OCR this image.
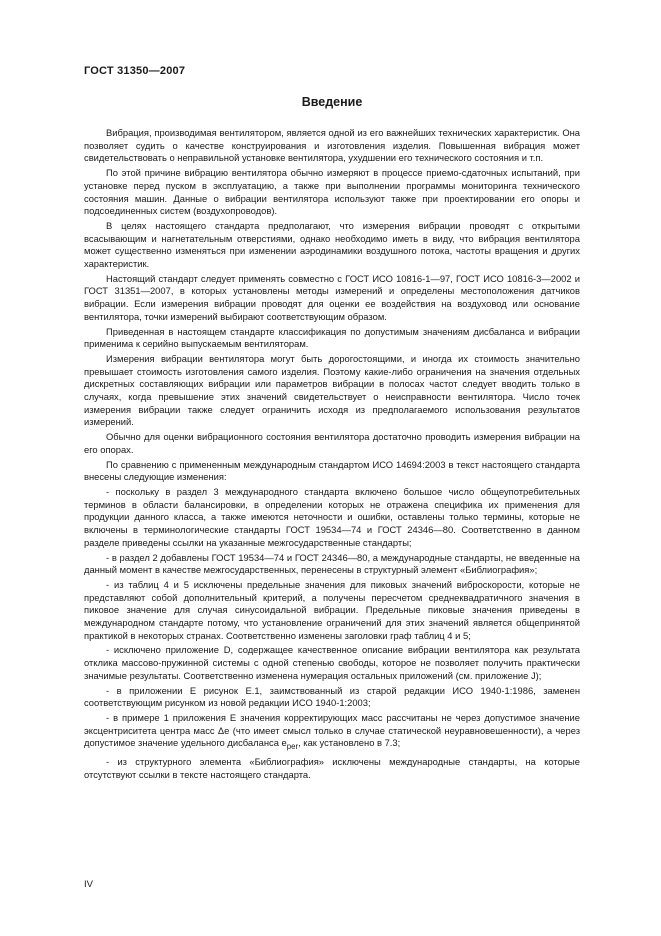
ГОСТ 31350—2007
Введение

Вибрация, производимая вентилятором, является одной из его важнейших технических характеристик. Она позволяет судить о качестве конструирования и изготовления изделия. Повышенная вибрация может свидетельствовать о неправильной установке вентилятора, ухудшении его технического состояния и т.п.

По этой причине вибрацию вентилятора обычно измеряют в процессе приемо-сдаточных испытаний, при установке перед пуском в эксплуатацию, а также при выполнении программы мониторинга технического состояния машин. Данные о вибрации вентилятора используют также при проектировании его опоры и подсоединенных систем (воздухопроводов).

В целях настоящего стандарта предполагают, что измерения вибрации проводят с открытыми всасывающим и нагнетательным отверстиями, однако необходимо иметь в виду, что вибрация вентилятора может существенно изменяться при изменении аэродинамики воздушного потока, частоты вращения и других характеристик.

Настоящий стандарт следует применять совместно с ГОСТ ИСО 10816-1—97, ГОСТ ИСО 10816-3—2002 и ГОСТ 31351—2007, в которых установлены методы измерений и определены местоположения датчиков вибрации. Если измерения вибрации проводят для оценки ее воздействия на воздуховод или основание вентилятора, точки измерений выбирают соответствующим образом.

Приведенная в настоящем стандарте классификация по допустимым значениям дисбаланса и вибрации применима к серийно выпускаемым вентиляторам.

Измерения вибрации вентилятора могут быть дорогостоящими, и иногда их стоимость значительно превышает стоимость изготовления самого изделия. Поэтому какие-либо ограничения на значения отдельных дискретных составляющих вибрации или параметров вибрации в полосах частот следует вводить только в случаях, когда превышение этих значений свидетельствует о неисправности вентилятора. Число точек измерения вибрации также следует ограничить исходя из предполагаемого использования результатов измерений.

Обычно для оценки вибрационного состояния вентилятора достаточно проводить измерения вибрации на его опорах.

По сравнению с примененным международным стандартом ИСО 14694:2003 в текст настоящего стандарта внесены следующие изменения:

- поскольку в раздел 3 международного стандарта включено большое число общеупотребительных терминов в области балансировки, в определении которых не отражена специфика их применения для продукции данного класса, а также имеются неточности и ошибки, оставлены только термины, которые не включены в терминологические стандарты ГОСТ 19534—74 и ГОСТ 24346—80. Соответственно в данном разделе приведены ссылки на указанные межгосударственные стандарты;

- в раздел 2 добавлены ГОСТ 19534—74 и ГОСТ 24346—80, а международные стандарты, не введенные на данный момент в качестве межгосударственных, перенесены в структурный элемент «Библиография»;

- из таблиц 4 и 5 исключены предельные значения для пиковых значений виброскорости, которые не представляют собой дополнительный критерий, а получены пересчетом среднеквадратичного значения в пиковое значение для случая синусоидальной вибрации. Предельные пиковые значения приведены в международном стандарте потому, что установление ограничений для этих значений является общепринятой практикой в некоторых странах. Соответственно изменены заголовки граф таблиц 4 и 5;

- исключено приложение D, содержащее качественное описание вибрации вентилятора как результата отклика массово-пружинной системы с одной степенью свободы, которое не позволяет получить практически значимые результаты. Соответственно изменена нумерация остальных приложений (см. приложение J);

- в приложении Е рисунок Е.1, заимствованный из старой редакции ИСО 1940-1:1986, заменен соответствующим рисунком из новой редакции ИСО 1940-1:2003;

- в примере 1 приложения Е значения корректирующих масс рассчитаны не через допустимое значение эксцентриситета центра масс Δe (что имеет смысл только в случае статической неуравновешенности), а через допустимое значение удельного дисбаланса $e_{per}$, как установлено в 7.3;

- из структурного элемента «Библиография» исключены международные стандарты, на которые отсутствуют ссылки в тексте настоящего стандарта.

IV
